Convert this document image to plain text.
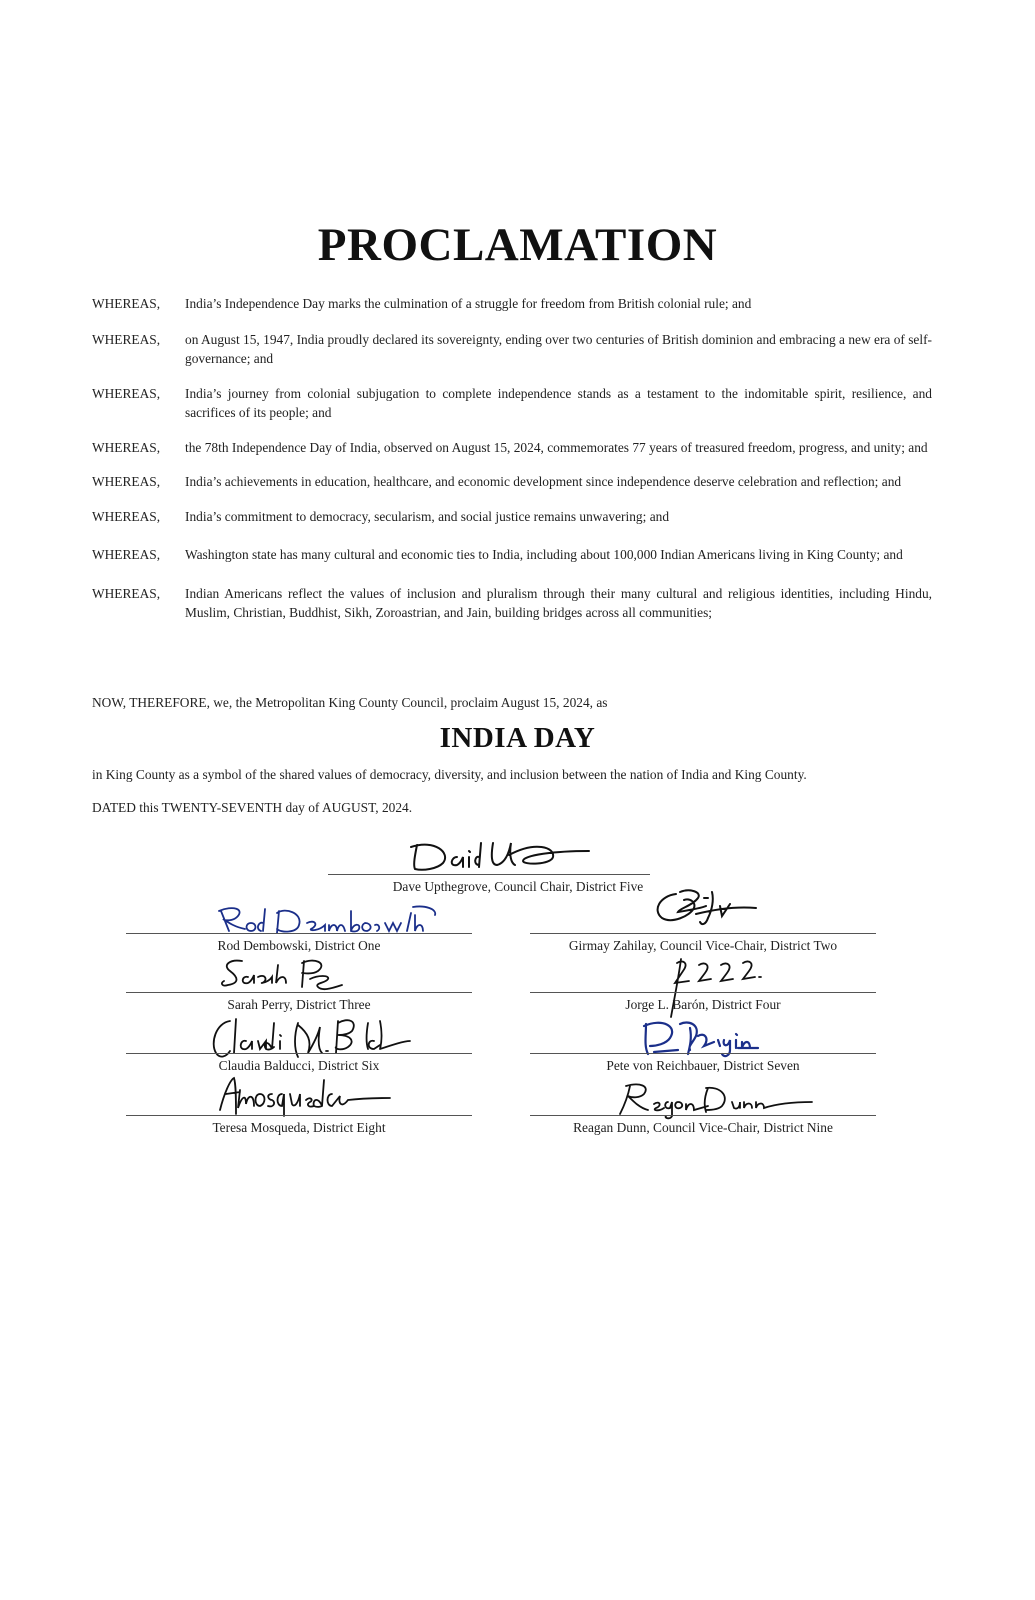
PROCLAMATION
WHEREAS,	India’s Independence Day marks the culmination of a struggle for freedom from British colonial rule; and
WHEREAS,	on August 15, 1947, India proudly declared its sovereignty, ending over two centuries of British dominion and embracing a new era of self-governance; and
WHEREAS,	India’s journey from colonial subjugation to complete independence stands as a testament to the indomitable spirit, resilience, and sacrifices of its people; and
WHEREAS,	the 78th Independence Day of India, observed on August 15, 2024, commemorates 77 years of treasured freedom, progress, and unity; and
WHEREAS,	India’s achievements in education, healthcare, and economic development since independence deserve celebration and reflection; and
WHEREAS,	India’s commitment to democracy, secularism, and social justice remains unwavering; and
WHEREAS,	Washington state has many cultural and economic ties to India, including about 100,000 Indian Americans living in King County; and
WHEREAS,	Indian Americans reflect the values of inclusion and pluralism through their many cultural and religious identities, including Hindu, Muslim, Christian, Buddhist, Sikh, Zoroastrian, and Jain, building bridges across all communities;
NOW, THEREFORE, we, the Metropolitan King County Council, proclaim August 15, 2024, as
INDIA DAY
in King County as a symbol of the shared values of democracy, diversity, and inclusion between the nation of India and King County.
DATED this TWENTY-SEVENTH day of AUGUST, 2024.
Dave Upthegrove, Council Chair, District Five
Rod Dembowski, District One	Girmay Zahilay, Council Vice-Chair, District Two
Sarah Perry, District Three	Jorge L. Barón, District Four
Claudia Balducci, District Six	Pete von Reichbauer, District Seven
Teresa Mosqueda, District Eight	Reagan Dunn, Council Vice-Chair, District Nine
